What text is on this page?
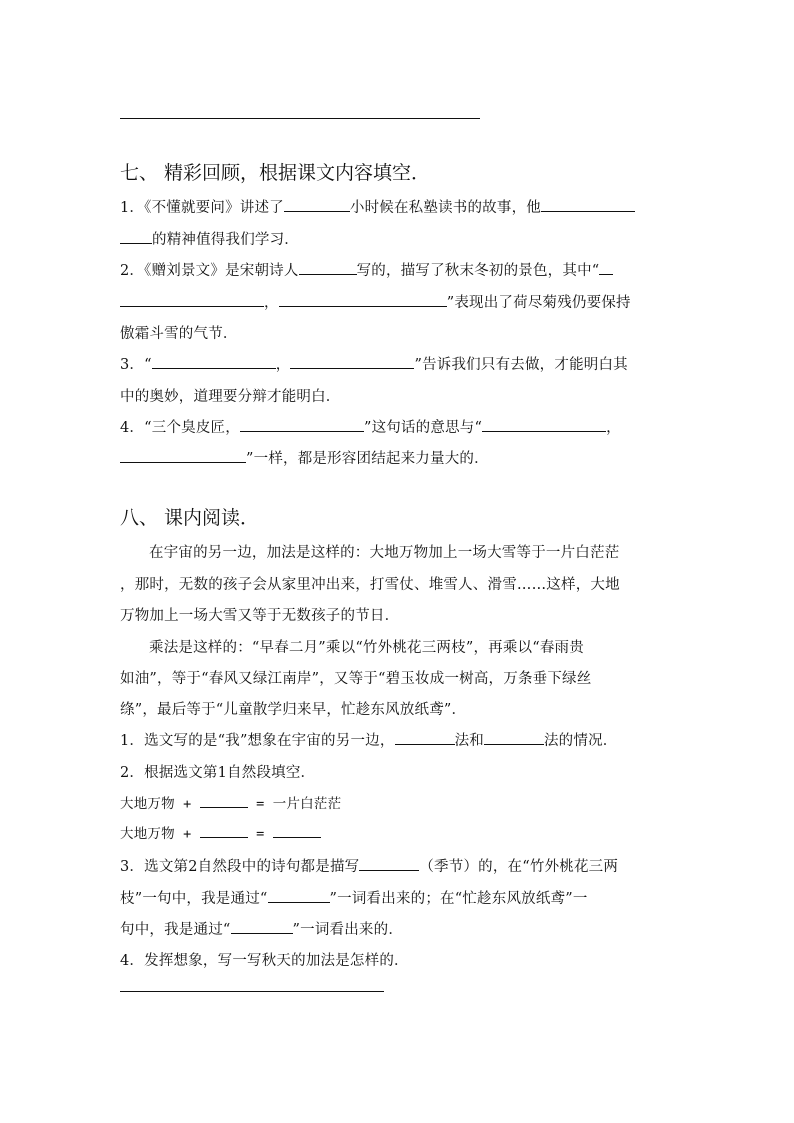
七、 精彩回顾，根据课文内容填空．
1．《不懂就要问》讲述了	小时候在私塾读书的故事，他
的精神值得我们学习．
2．《赠刘景文》是宋朝诗人	写的，描写了秋末冬初的景色，其中“
，	”表现出了荷尽菊残仍要保持
傲霜斗雪的气节．
3．“	，	”告诉我们只有去做，才能明白其
中的奥妙，道理要分辩才能明白．
4．“三个臭皮匠，	”这句话的意思与“	，
”一样，都是形容团结起来力量大的．
八、 课内阅读．
在宇宙的另一边，加法是这样的：大地万物加上一场大雪等于一片白茫茫
，那时，无数的孩子会从家里冲出来，打雪仗、堆雪人、滑雪……这样，大地
万物加上一场大雪又等于无数孩子的节日．
乘法是这样的：“早春二月”乘以“竹外桃花三两枝”，再乘以“春雨贵
如油”，等于“春风又绿江南岸”，又等于“碧玉妆成一树高，万条垂下绿丝
绦”，最后等于“儿童散学归来早，忙趁东风放纸鸢”．
1．选文写的是“我”想象在宇宙的另一边，	法和	法的情况．
2．根据选文第1自然段填空．
大地万物 +	= 一片白茫茫
大地万物 +	=
3．选文第2自然段中的诗句都是描写	（季节）的，在“竹外桃花三两
枝”一句中，我是通过“	”一词看出来的；在“忙趁东风放纸鸢”一
句中，我是通过“	”一词看出来的．
4．发挥想象，写一写秋天的加法是怎样的．
